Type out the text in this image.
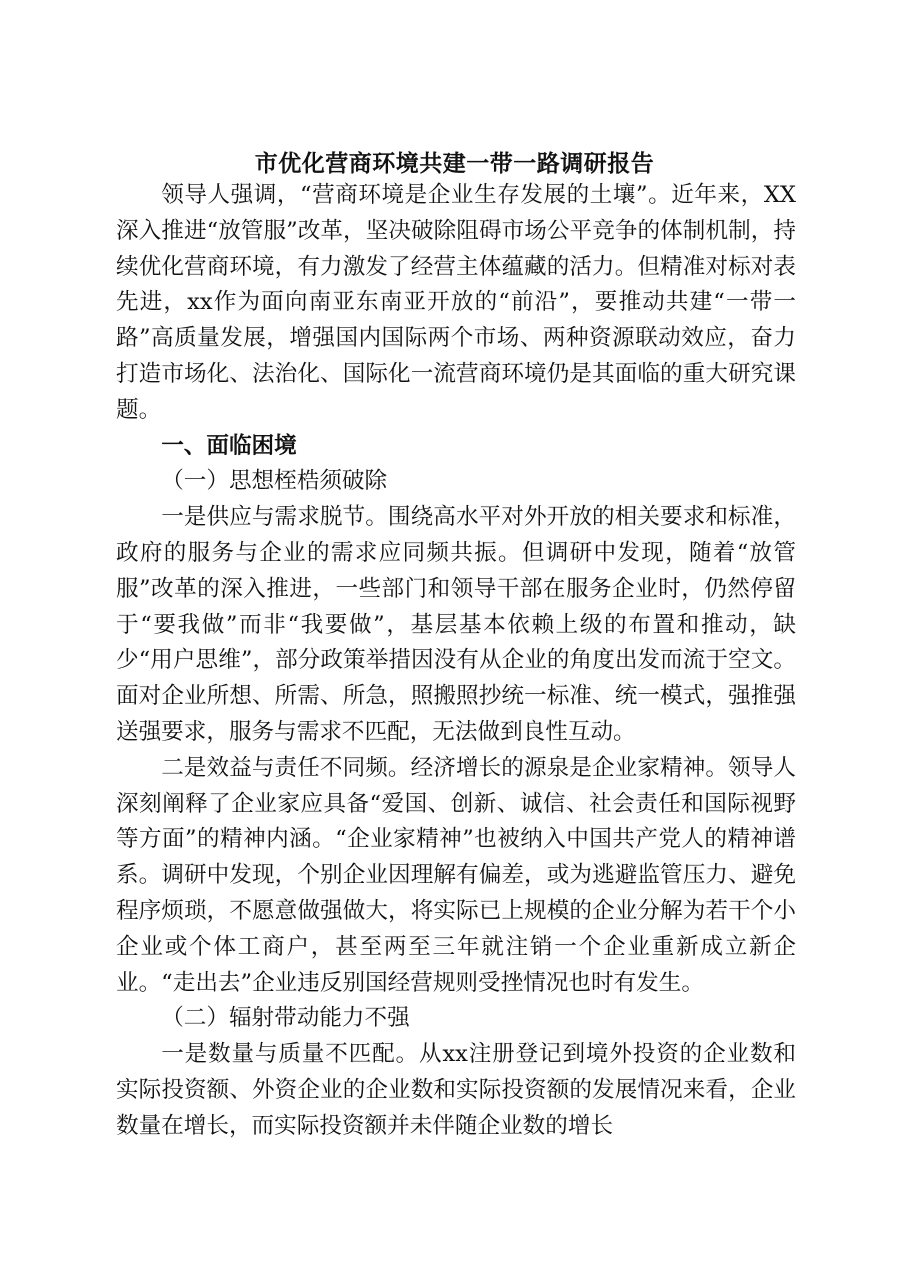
市优化营商环境共建一带一路调研报告

领导人强调，“营商环境是企业生存发展的土壤”。近年来，XX深入推进“放管服”改革，坚决破除阻碍市场公平竞争的体制机制，持续优化营商环境，有力激发了经营主体蕴藏的活力。但精准对标对表先进，xx作为面向南亚东南亚开放的“前沿”，要推动共建“一带一路”高质量发展，增强国内国际两个市场、两种资源联动效应，奋力打造市场化、法治化、国际化一流营商环境仍是其面临的重大研究课题。

一、面临困境

（一）思想桎梏须破除

一是供应与需求脱节。围绕高水平对外开放的相关要求和标准，政府的服务与企业的需求应同频共振。但调研中发现，随着“放管服”改革的深入推进，一些部门和领导干部在服务企业时，仍然停留于“要我做”而非“我要做”，基层基本依赖上级的布置和推动，缺少“用户思维”，部分政策举措因没有从企业的角度出发而流于空文。面对企业所想、所需、所急，照搬照抄统一标准、统一模式，强推强送强要求，服务与需求不匹配，无法做到良性互动。

二是效益与责任不同频。经济增长的源泉是企业家精神。领导人深刻阐释了企业家应具备“爱国、创新、诚信、社会责任和国际视野等方面”的精神内涵。“企业家精神”也被纳入中国共产党人的精神谱系。调研中发现，个别企业因理解有偏差，或为逃避监管压力、避免程序烦琐，不愿意做强做大，将实际已上规模的企业分解为若干个小企业或个体工商户，甚至两至三年就注销一个企业重新成立新企业。“走出去”企业违反别国经营规则受挫情况也时有发生。

（二）辐射带动能力不强

一是数量与质量不匹配。从xx注册登记到境外投资的企业数和实际投资额、外资企业的企业数和实际投资额的发展情况来看，企业数量在增长，而实际投资额并未伴随企业数的增长
